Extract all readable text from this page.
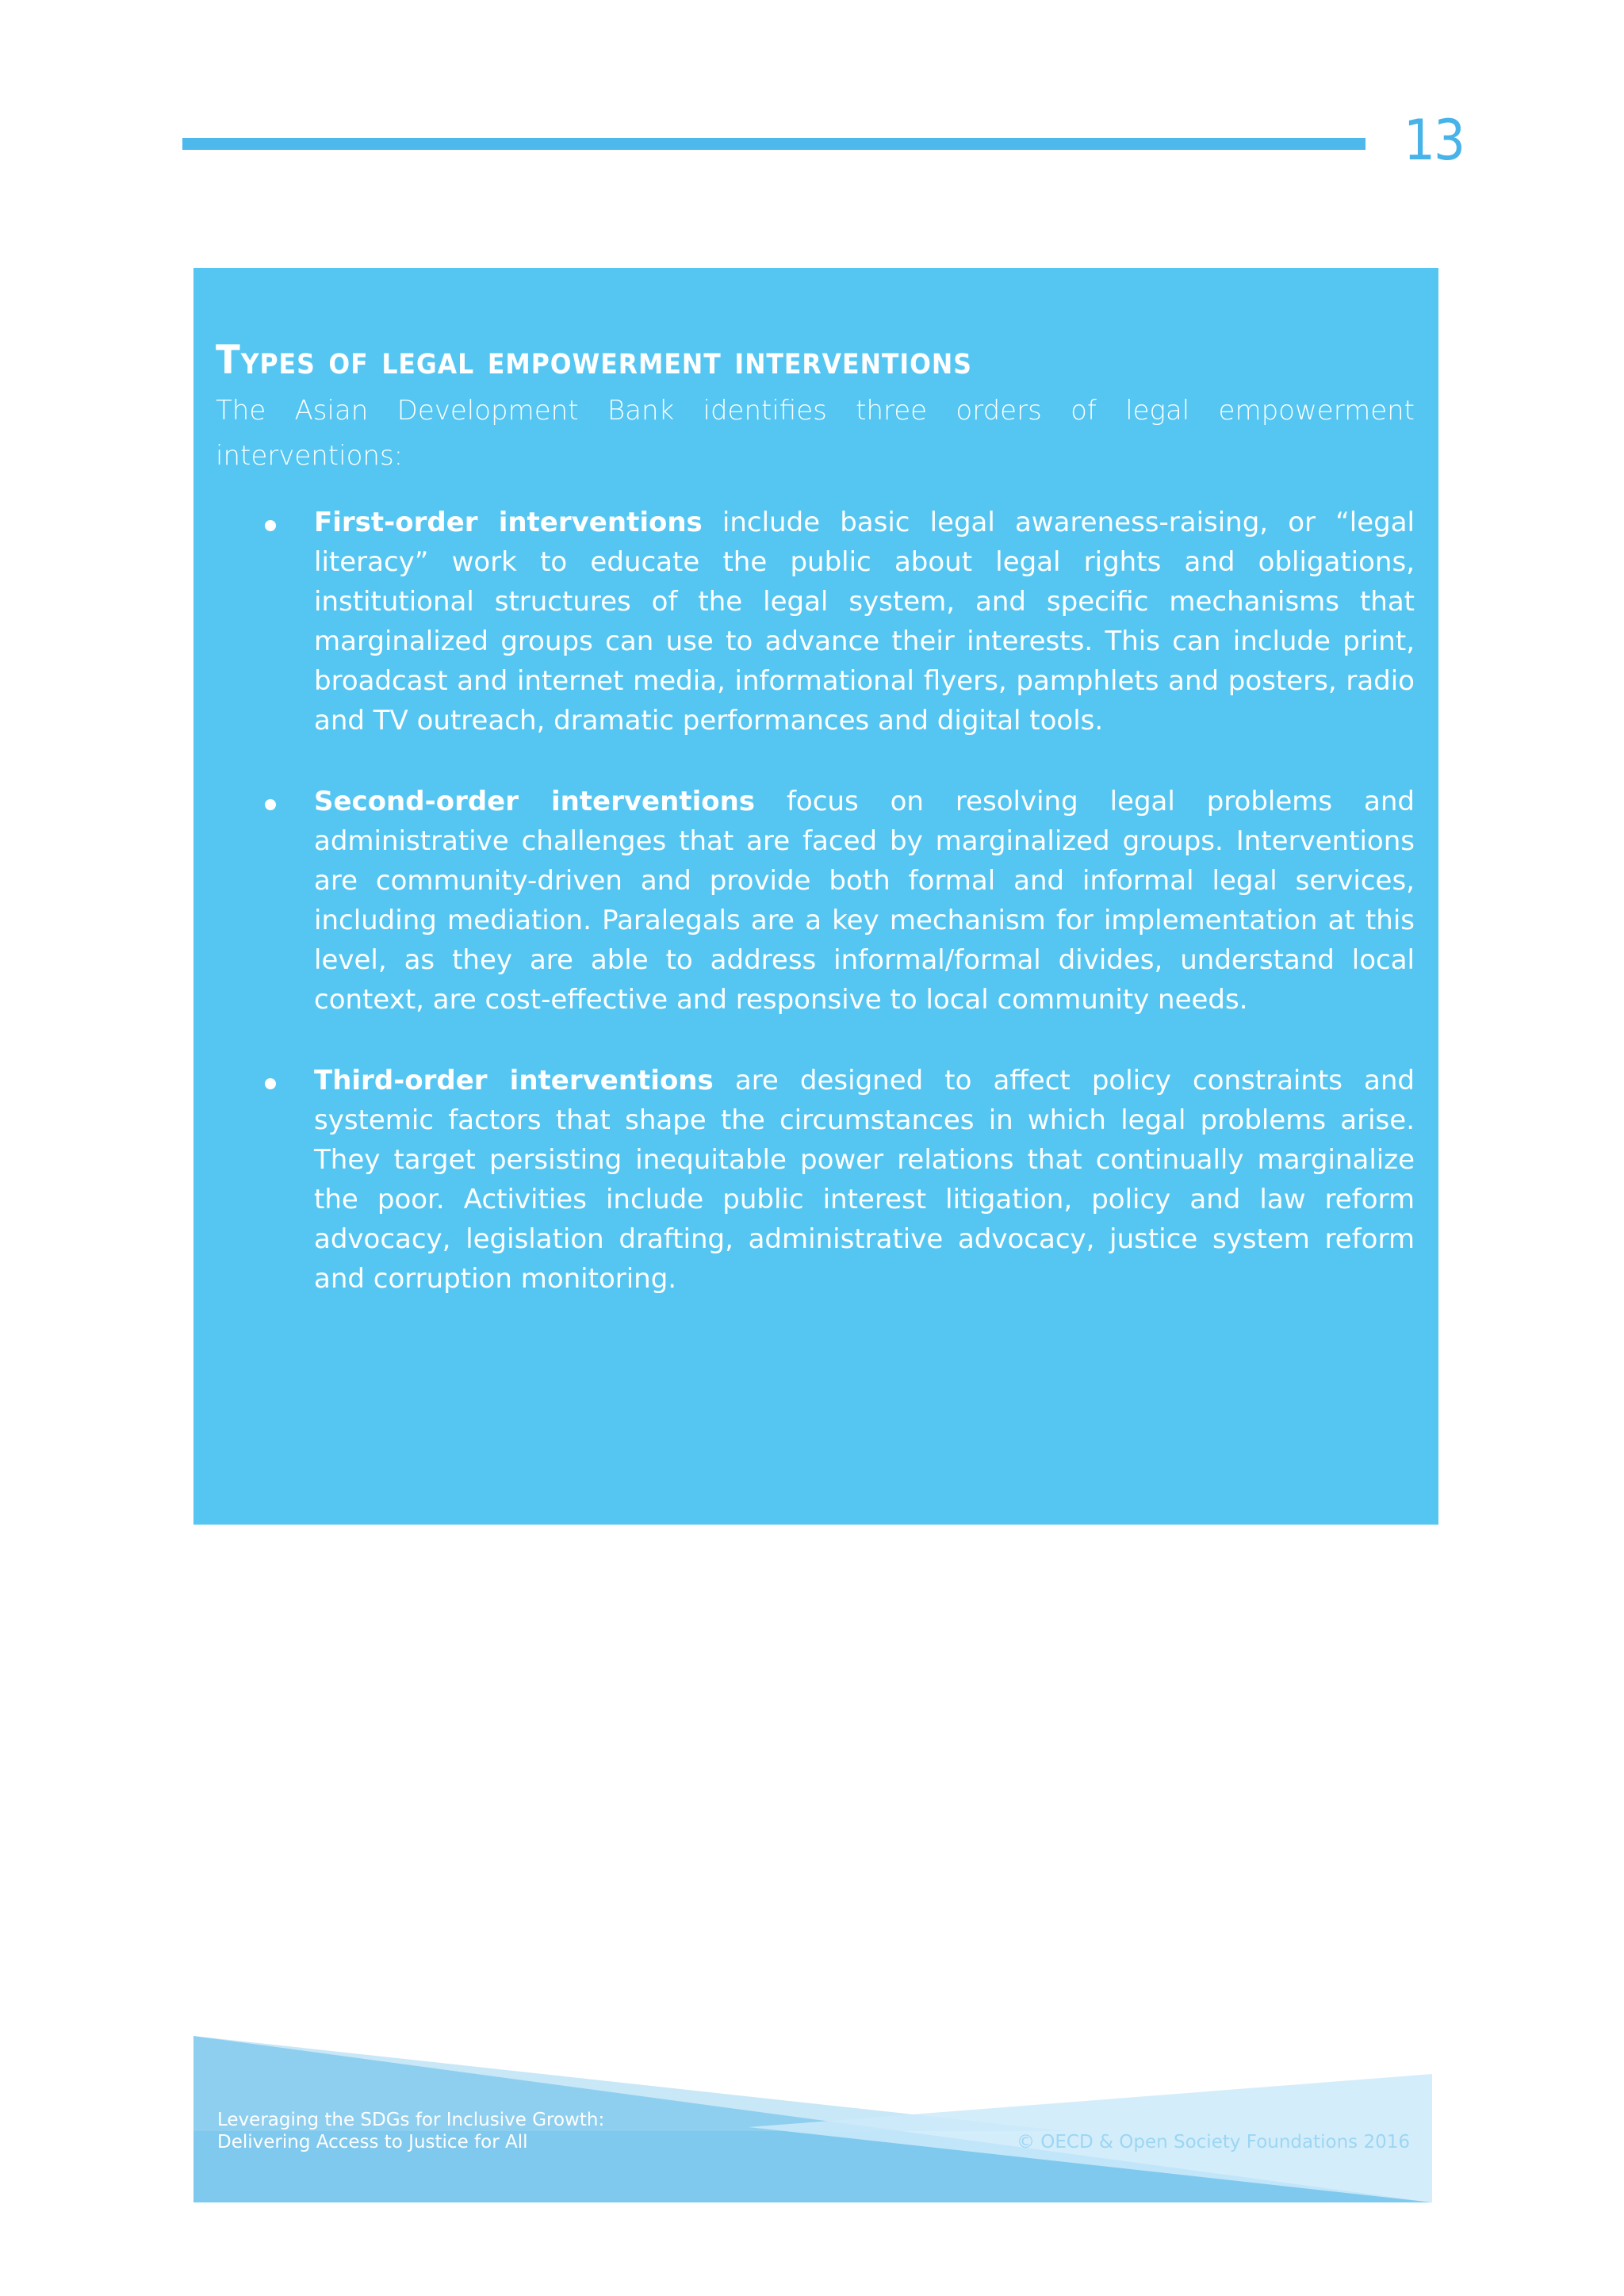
13
Types of legal empowerment interventions

The Asian Development Bank identifies three orders of legal empowerment interventions:

First-order interventions include basic legal awareness-raising, or “legal literacy” work to educate the public about legal rights and obligations, institutional structures of the legal system, and specific mechanisms that marginalized groups can use to advance their interests. This can include print, broadcast and internet media, informational flyers, pamphlets and posters, radio and TV outreach, dramatic performances and digital tools.

Second-order interventions focus on resolving legal problems and administrative challenges that are faced by marginalized groups. Interventions are community-driven and provide both formal and informal legal services, including mediation. Paralegals are a key mechanism for implementation at this level, as they are able to address informal/formal divides, understand local context, are cost-effective and responsive to local community needs.

Third-order interventions are designed to affect policy constraints and systemic factors that shape the circumstances in which legal problems arise. They target persisting inequitable power relations that continually marginalize the poor. Activities include public interest litigation, policy and law reform advocacy, legislation drafting, administrative advocacy, justice system reform and corruption monitoring.

Leveraging the SDGs for Inclusive Growth:
Delivering Access to Justice for All	© OECD & Open Society Foundations 2016
